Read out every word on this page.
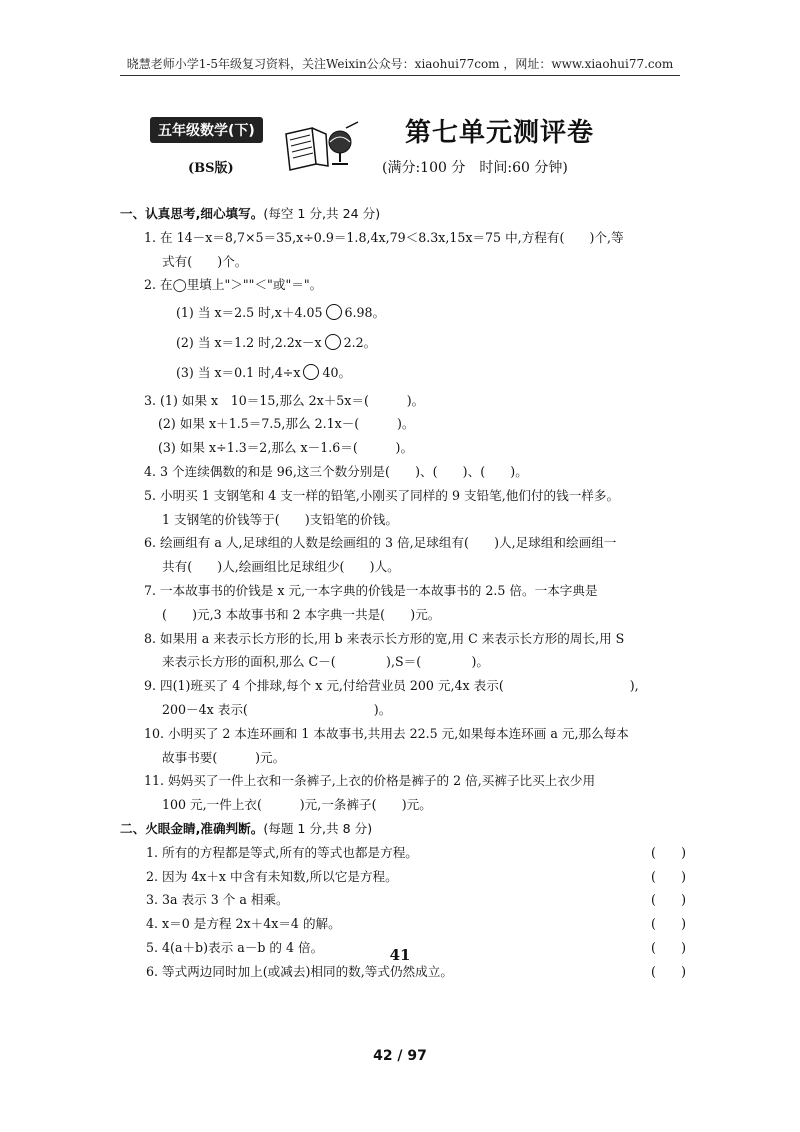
晓慧老师小学1-5年级复习资料，关注Weixin公众号：xiaohui77com ，网址：www.xiaohui77.com
五年级数学(下)
(BS版)
第七单元测评卷
(满分:100 分　时间:60 分钟)
一、认真思考,细心填写。(每空 1 分,共 24 分)
1. 在 14－x＝8,7×5＝35,x÷0.9＝1.8,4x,79＜8.3x,15x＝75 中,方程有(　　)个,等
式有(　　)个。
2. 在◯里填上"＞""＜"或"＝"。
(1) 当 x＝2.5 时,x＋4.05 6.98。
(2) 当 x＝1.2 时,2.2x－x 2.2。
(3) 当 x＝0.1 时,4÷x 40。
3. (1) 如果 x　10＝15,那么 2x＋5x＝(　　　)。
(2) 如果 x＋1.5＝7.5,那么 2.1x－(　　　)。
(3) 如果 x÷1.3＝2,那么 x－1.6＝(　　　)。
4. 3 个连续偶数的和是 96,这三个数分别是(　　)、(　　)、(　　)。
5. 小明买 1 支钢笔和 4 支一样的铅笔,小刚买了同样的 9 支铅笔,他们付的钱一样多。
1 支钢笔的价钱等于(　　)支铅笔的价钱。
6. 绘画组有 a 人,足球组的人数是绘画组的 3 倍,足球组有(　　)人,足球组和绘画组一
共有(　　)人,绘画组比足球组少(　　)人。
7. 一本故事书的价钱是 x 元,一本字典的价钱是一本故事书的 2.5 倍。一本字典是
(　　)元,3 本故事书和 2 本字典一共是(　　)元。
8. 如果用 a 来表示长方形的长,用 b 来表示长方形的宽,用 C 来表示长方形的周长,用 S
来表示长方形的面积,那么 C－(　　　　),S＝(　　　　)。
9. 四(1)班买了 4 个排球,每个 x 元,付给营业员 200 元,4x 表示(　　　　　　　　　　),
200－4x 表示(　　　　　　　　　　)。
10. 小明买了 2 本连环画和 1 本故事书,共用去 22.5 元,如果每本连环画 a 元,那么每本
故事书要(　　　)元。
11. 妈妈买了一件上衣和一条裤子,上衣的价格是裤子的 2 倍,买裤子比买上衣少用
100 元,一件上衣(　　　)元,一条裤子(　　)元。
二、火眼金睛,准确判断。(每题 1 分,共 8 分)
1. 所有的方程都是等式,所有的等式也都是方程。	(　　)
2. 因为 4x＋x 中含有未知数,所以它是方程。	(　　)
3. 3a 表示 3 个 a 相乘。	(　　)
4. x＝0 是方程 2x＋4x＝4 的解。	(　　)
5. 4(a＋b)表示 a－b 的 4 倍。	(　　)
6. 等式两边同时加上(或减去)相同的数,等式仍然成立。	(　　)
41
42 / 97
